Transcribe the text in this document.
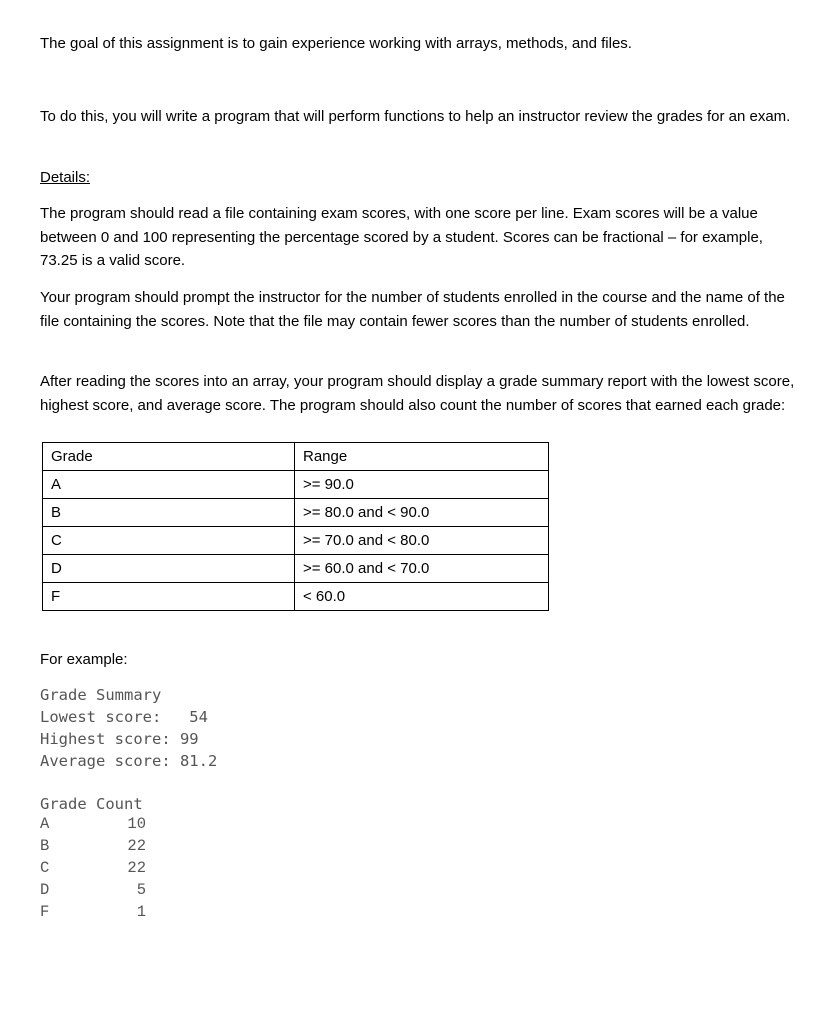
The goal of this assignment is to gain experience working with arrays, methods, and files.

To do this, you will write a program that will perform functions to help an instructor review the grades for an exam.

Details:

The program should read a file containing exam scores, with one score per line. Exam scores will be a value between 0 and 100 representing the percentage scored by a student. Scores can be fractional – for example, 73.25 is a valid score.

Your program should prompt the instructor for the number of students enrolled in the course and the name of the file containing the scores. Note that the file may contain fewer scores than the number of students enrolled.

After reading the scores into an array, your program should display a grade summary report with the lowest score, highest score, and average score. The program should also count the number of scores that earned each grade:

Grade	Range
A	>= 90.0
B	>= 80.0 and < 90.0
C	>= 70.0 and < 80.0
D	>= 60.0 and < 70.0
F	< 60.0

For example:

Grade Summary
Lowest score:   54
Highest score: 99
Average score: 81.2
Grade Count
A	10
B	22
C	22
D	5
F	1
